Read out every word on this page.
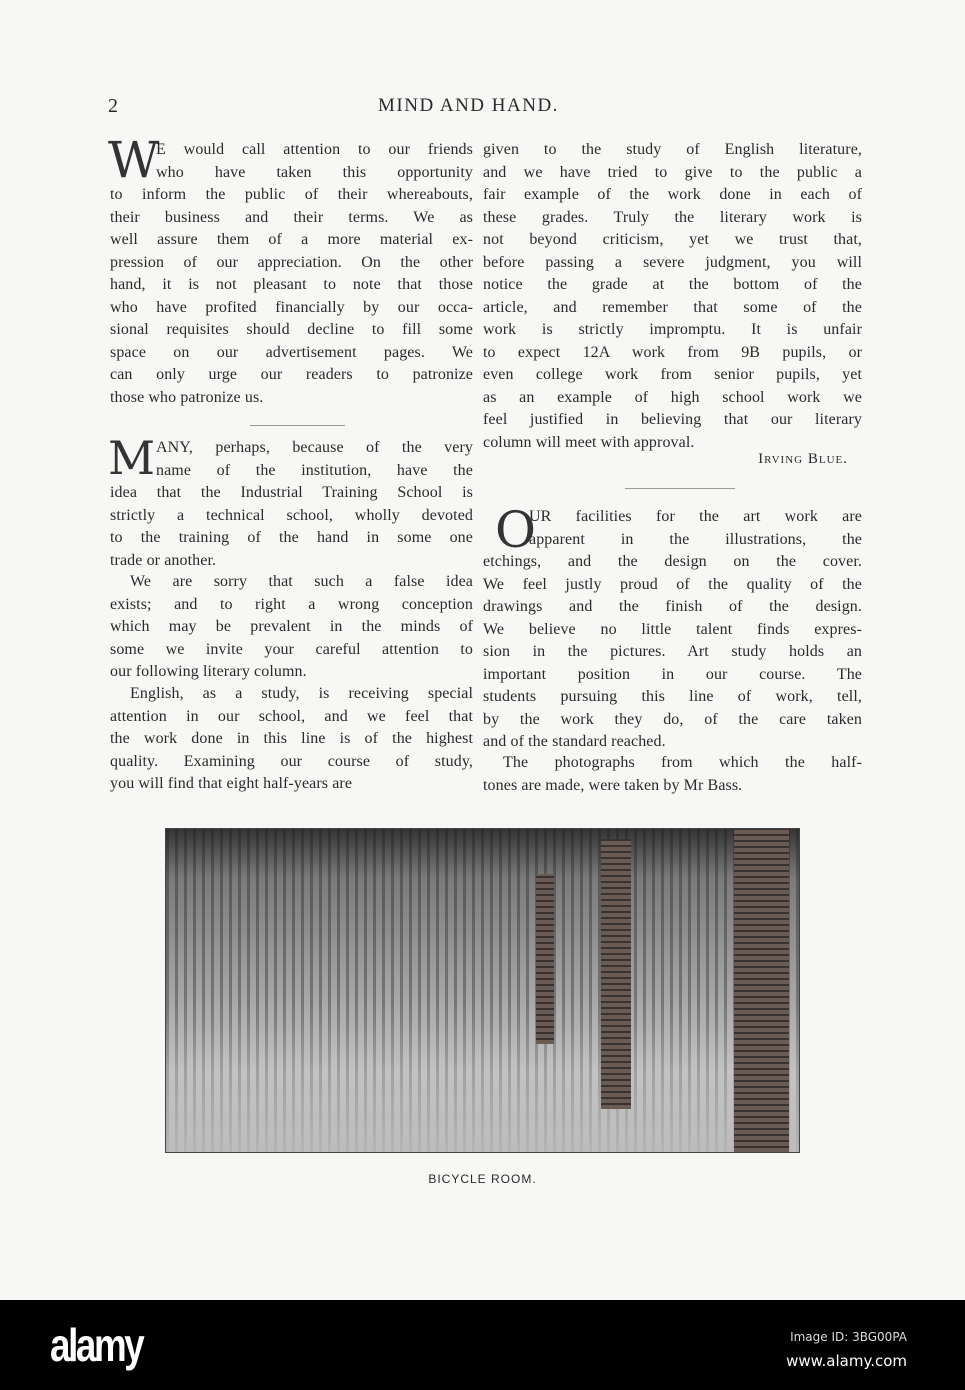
2	MIND AND HAND.
W
E would call attention to our friends
who have taken this opportunity
to inform the public of their whereabouts,
their business and their terms. We as
well assure them of a more material ex-
pression of our appreciation. On the other
hand, it is not pleasant to note that those
who have profited financially by our occa-
sional requisites should decline to fill some
space on our advertisement pages. We
can only urge our readers to patronize
those who patronize us.
M ANY, perhaps, because of the very
name of the institution, have the
idea that the Industrial Training School is
strictly a technical school, wholly devoted
to the training of the hand in some one
trade or another.
We are sorry that such a false idea
exists; and to right a wrong conception
which may be prevalent in the minds of
some we invite your careful attention to
our following literary column.
English, as a study, is receiving special
attention in our school, and we feel that
the work done in this line is of the highest
quality. Examining our course of study,
you will find that eight half-years are
given to the study of English literature,
and we have tried to give to the public a
fair example of the work done in each of
these grades. Truly the literary work is
not beyond criticism, yet we trust that,
before passing a severe judgment, you will
notice the grade at the bottom of the
article, and remember that some of the
work is strictly impromptu. It is unfair
to expect 12A work from 9B pupils, or
even college work from senior pupils, yet
as an example of high school work we
feel justified in believing that our literary
column will meet with approval.
Irving Blue.
O
UR facilities for the art work are
apparent in the illustrations, the
etchings, and the design on the cover.
We feel justly proud of the quality of the
drawings and the finish of the design.
We believe no little talent finds expres-
sion in the pictures. Art study holds an
important position in our course. The
students pursuing this line of work, tell,
by the work they do, of the care taken
and of the standard reached.
The photographs from which the half-
tones are made, were taken by Mr Bass.
BICYCLE ROOM.
alamy	Image ID: 3BG00PA
www.alamy.com
